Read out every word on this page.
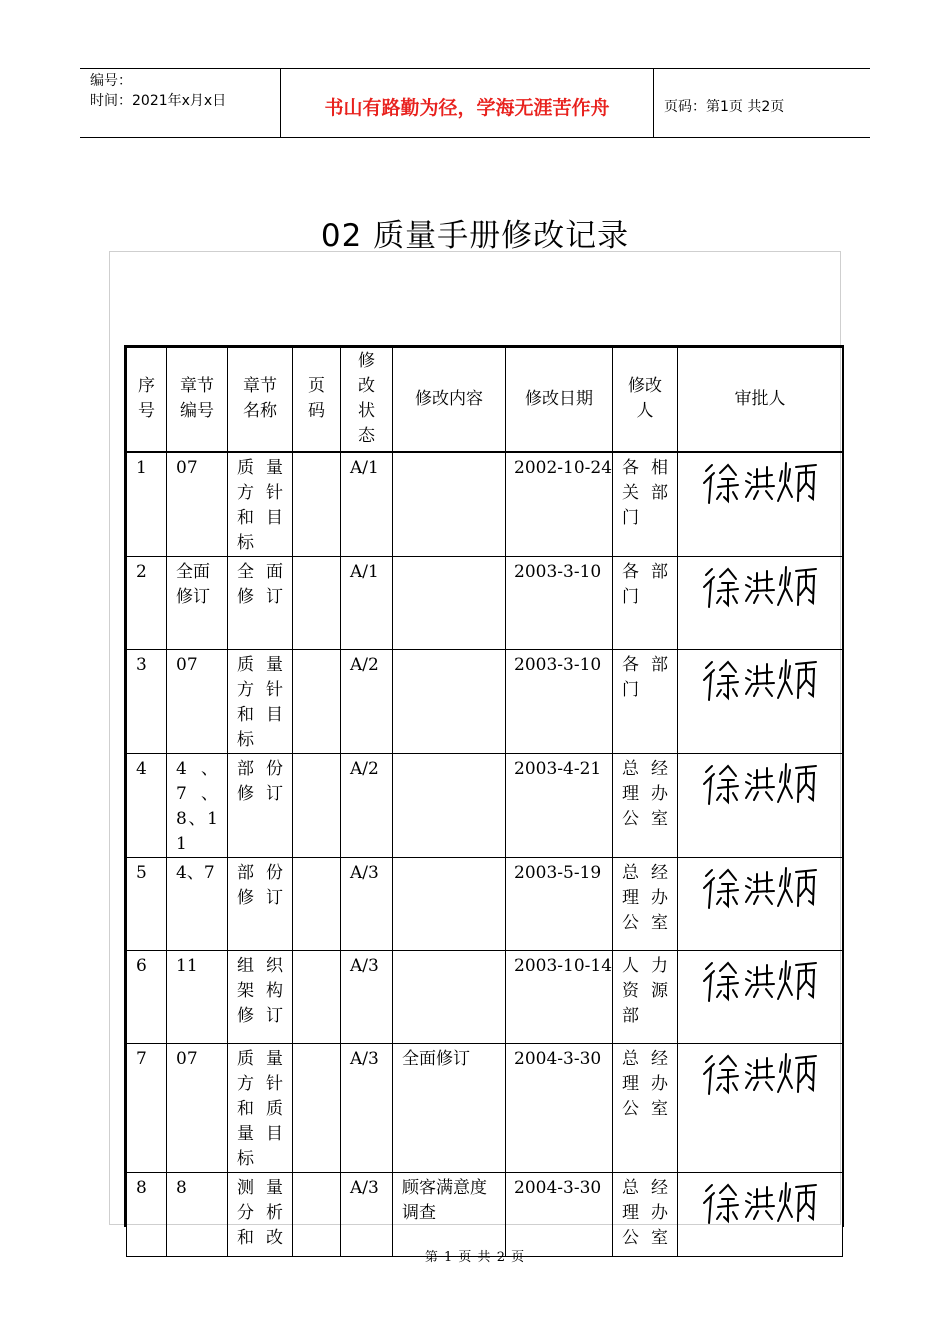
编号：
时间：2021年x月x日	书山有路勤为径，学海无涯苦作舟	页码：第1页 共2页
02 质量手册修改记录
序号	章节编号	章节名称	页码	修改状态	修改内容	修改日期	修改人	审批人
1	07	质量方针和目标		A/1		2002-10-24	各相关部门	

2	全面修订	全面修订		A/1		2003-3-10	各部门	

3	07	质量方针和目标		A/2		2003-3-10	各部门	

4	4、7、8、11	部份修订		A/2		2003-4-21	总经理办公室	

5	4、7	部份修订		A/3		2003-5-19	总经理办公室	

6	11	组织架构修订		A/3		2003-10-14	人力资源部	

7	07	质量方针和质量目标		A/3	全面修订	2004-3-30	总经理办公室	

8	8	测量分析和改		A/3	顾客满意度调查	2004-3-30	总经理办公室	
第 1 页 共 2 页
